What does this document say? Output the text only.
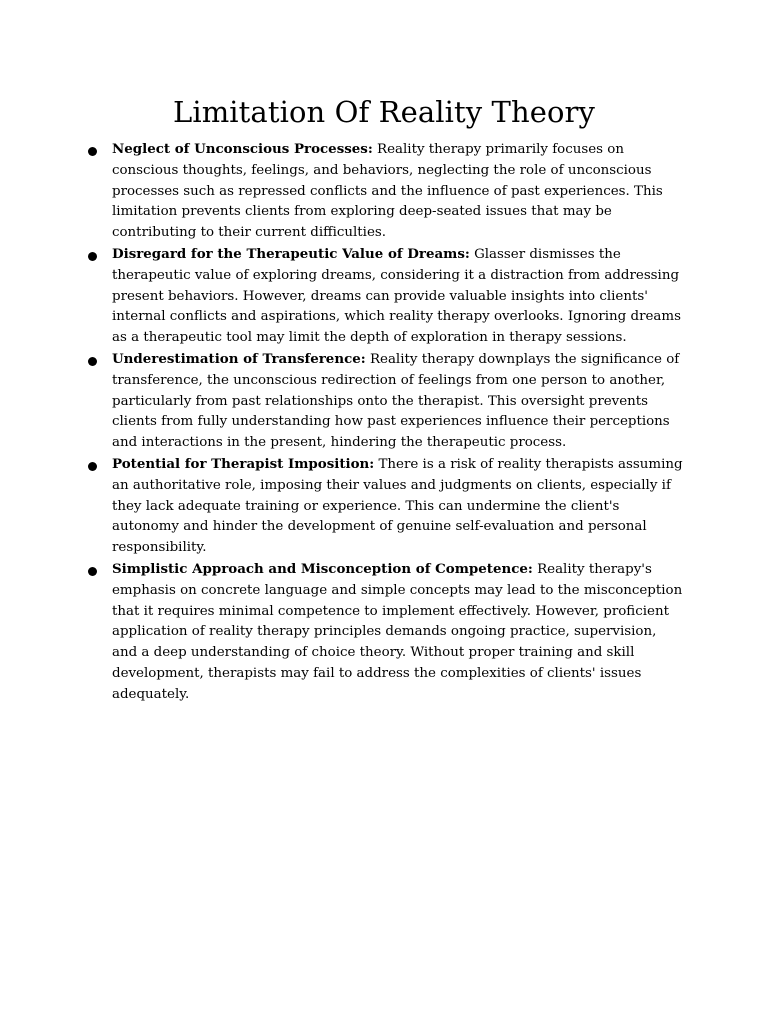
Limitation Of Reality Theory
Neglect of Unconscious Processes: Reality therapy primarily focuses on conscious thoughts, feelings, and behaviors, neglecting the role of unconscious processes such as repressed conflicts and the influence of past experiences. This limitation prevents clients from exploring deep-seated issues that may be contributing to their current difficulties.
Disregard for the Therapeutic Value of Dreams: Glasser dismisses the therapeutic value of exploring dreams, considering it a distraction from addressing present behaviors. However, dreams can provide valuable insights into clients' internal conflicts and aspirations, which reality therapy overlooks. Ignoring dreams as a therapeutic tool may limit the depth of exploration in therapy sessions.
Underestimation of Transference: Reality therapy downplays the significance of transference, the unconscious redirection of feelings from one person to another, particularly from past relationships onto the therapist. This oversight prevents clients from fully understanding how past experiences influence their perceptions and interactions in the present, hindering the therapeutic process.
Potential for Therapist Imposition: There is a risk of reality therapists assuming an authoritative role, imposing their values and judgments on clients, especially if they lack adequate training or experience. This can undermine the client's autonomy and hinder the development of genuine self-evaluation and personal responsibility.
Simplistic Approach and Misconception of Competence: Reality therapy's emphasis on concrete language and simple concepts may lead to the misconception that it requires minimal competence to implement effectively. However, proficient application of reality therapy principles demands ongoing practice, supervision, and a deep understanding of choice theory. Without proper training and skill development, therapists may fail to address the complexities of clients' issues adequately.
